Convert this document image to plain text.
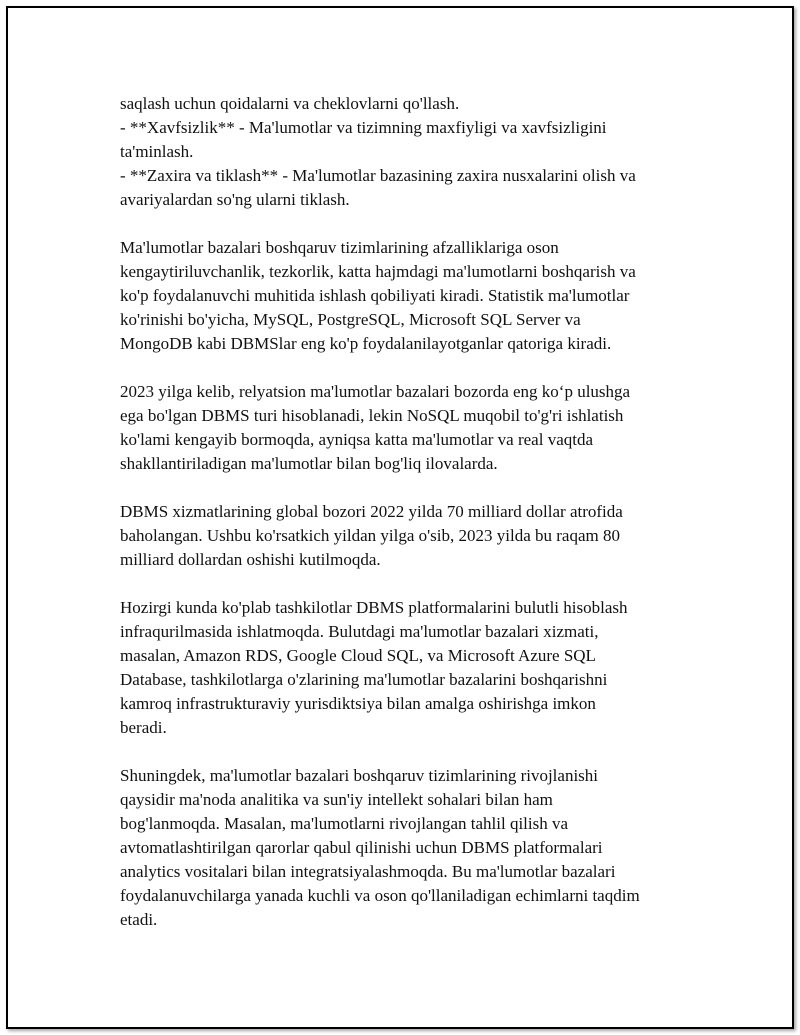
saqlash uchun qoidalarni va cheklovlarni qo'llash.
- **Xavfsizlik** - Ma'lumotlar va tizimning maxfiyligi va xavfsizligini
ta'minlash.
- **Zaxira va tiklash** - Ma'lumotlar bazasining zaxira nusxalarini olish va
avariyalardan so'ng ularni tiklash.

Ma'lumotlar bazalari boshqaruv tizimlarining afzalliklariga oson
kengaytiriluvchanlik, tezkorlik, katta hajmdagi ma'lumotlarni boshqarish va
ko'p foydalanuvchi muhitida ishlash qobiliyati kiradi. Statistik ma'lumotlar
ko'rinishi bo'yicha, MySQL, PostgreSQL, Microsoft SQL Server va
MongoDB kabi DBMSlar eng ko'p foydalanilayotganlar qatoriga kiradi.

2023 yilga kelib, relyatsion ma'lumotlar bazalari bozorda eng ko‘p ulushga
ega bo'lgan DBMS turi hisoblanadi, lekin NoSQL muqobil to'g'ri ishlatish
ko'lami kengayib bormoqda, ayniqsa katta ma'lumotlar va real vaqtda
shakllantiriladigan ma'lumotlar bilan bog'liq ilovalarda.

DBMS xizmatlarining global bozori 2022 yilda 70 milliard dollar atrofida
baholangan. Ushbu ko'rsatkich yildan yilga o'sib, 2023 yilda bu raqam 80
milliard dollardan oshishi kutilmoqda.

Hozirgi kunda ko'plab tashkilotlar DBMS platformalarini bulutli hisoblash
infraqurilmasida ishlatmoqda. Bulutdagi ma'lumotlar bazalari xizmati,
masalan, Amazon RDS, Google Cloud SQL, va Microsoft Azure SQL
Database, tashkilotlarga o'zlarining ma'lumotlar bazalarini boshqarishni
kamroq infrastrukturaviy yurisdiktsiya bilan amalga oshirishga imkon
beradi.

Shuningdek, ma'lumotlar bazalari boshqaruv tizimlarining rivojlanishi
qaysidir ma'noda analitika va sun'iy intellekt sohalari bilan ham
bog'lanmoqda. Masalan, ma'lumotlarni rivojlangan tahlil qilish va
avtomatlashtirilgan qarorlar qabul qilinishi uchun DBMS platformalari
analytics vositalari bilan integratsiyalashmoqda. Bu ma'lumotlar bazalari
foydalanuvchilarga yanada kuchli va oson qo'llaniladigan echimlarni taqdim
etadi.
